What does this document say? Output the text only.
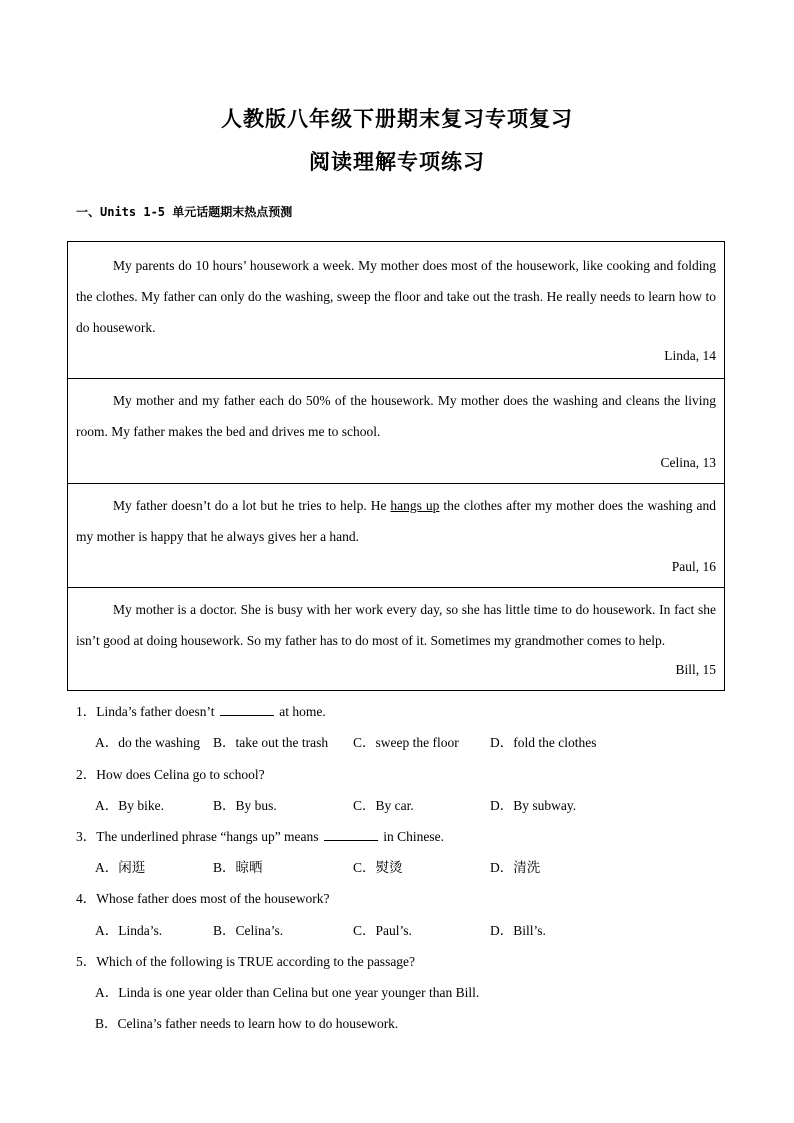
人教版八年级下册期末复习专项复习
阅读理解专项练习
一、Units 1-5 单元话题期末热点预测
My parents do 10 hours’ housework a week. My mother does most of the housework, like cooking and folding the clothes. My father can only do the washing, sweep the floor and take out the trash. He really needs to learn how to do housework.
Linda, 14
My mother and my father each do 50% of the housework. My mother does the washing and cleans the living room. My father makes the bed and drives me to school.
Celina, 13
My father doesn’t do a lot but he tries to help. He hangs up the clothes after my mother does the washing and my mother is happy that he always gives her a hand.
Paul, 16
My mother is a doctor. She is busy with her work every day, so she has little time to do housework. In fact she isn’t good at doing housework. So my father has to do most of it. Sometimes my grandmother comes to help.
Bill, 15
1．Linda’s father doesn’t	at home.
A．do the washing B．take out the trash C．sweep the floor D．fold the clothes
2．How does Celina go to school?
A．By bike.	B．By bus.	C．By car.	D．By subway.
3．The underlined phrase “hangs up” means	in Chinese.
A．闲逛	B．晾晒	C．熨烫	D．清洗
4．Whose father does most of the housework?
A．Linda’s.	B．Celina’s.	C．Paul’s.	D．Bill’s.
5．Which of the following is TRUE according to the passage?
A．Linda is one year older than Celina but one year younger than Bill.
B．Celina’s father needs to learn how to do housework.
